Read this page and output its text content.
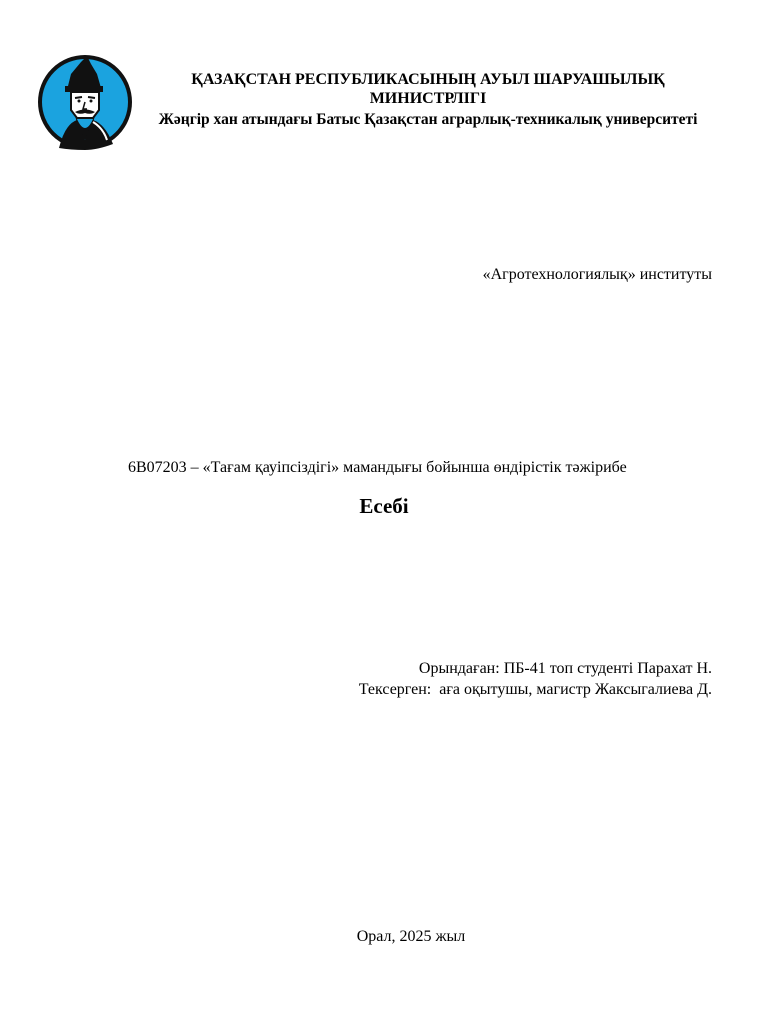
ҚАЗАҚСТАН РЕСПУБЛИКАСЫНЫҢ АУЫЛ ШАРУАШЫЛЫҚ МИНИСТРЛІГІ
Жәңгір хан атындағы Батыс Қазақстан аграрлық-техникалық университеті
«Агротехнологиялық» институты
6В07203 – «Тағам қауіпсіздігі» мамандығы бойынша өндірістік тәжірибе
Есебі
Орындаған: ПБ-41 топ студенті Парахат Н.
Тексерген:  аға оқытушы, магистр Жаксыгалиева Д.
Орал, 2025 жыл
